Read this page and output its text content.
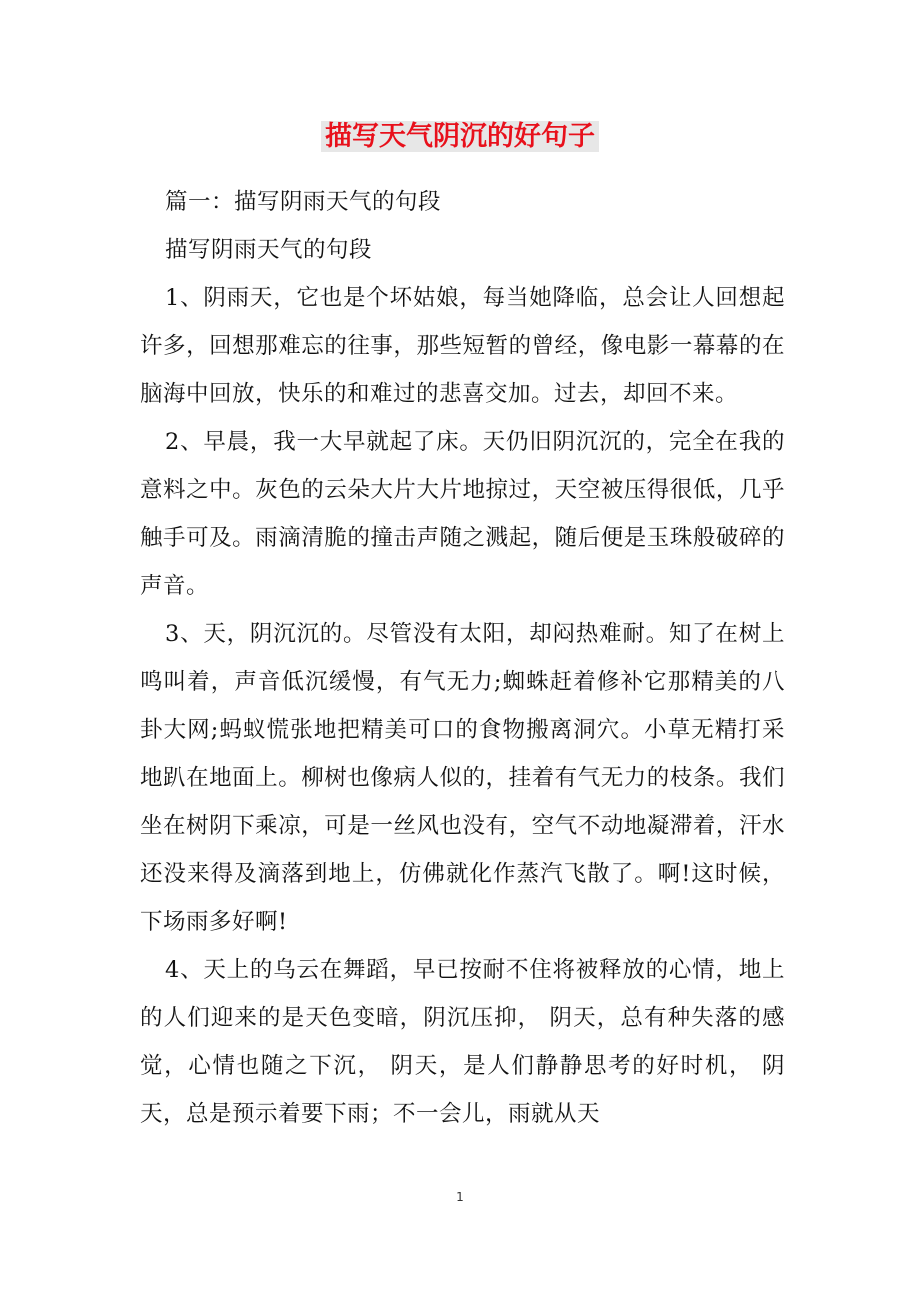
描写天气阴沉的好句子

篇一：描写阴雨天气的句段

描写阴雨天气的句段

1、阴雨天，它也是个坏姑娘，每当她降临，总会让人回想起许多，回想那难忘的往事，那些短暂的曾经，像电影一幕幕的在脑海中回放，快乐的和难过的悲喜交加。过去，却回不来。

2、早晨，我一大早就起了床。天仍旧阴沉沉的，完全在我的意料之中。灰色的云朵大片大片地掠过，天空被压得很低，几乎触手可及。雨滴清脆的撞击声随之溅起，随后便是玉珠般破碎的声音。

3、天，阴沉沉的。尽管没有太阳，却闷热难耐。知了在树上鸣叫着，声音低沉缓慢，有气无力;蜘蛛赶着修补它那精美的八卦大网;蚂蚁慌张地把精美可口的食物搬离洞穴。小草无精打采地趴在地面上。柳树也像病人似的，挂着有气无力的枝条。我们坐在树阴下乘凉，可是一丝风也没有，空气不动地凝滞着，汗水还没来得及滴落到地上，仿佛就化作蒸汽飞散了。啊!这时候，下场雨多好啊!

4、天上的乌云在舞蹈，早已按耐不住将被释放的心情，地上的人们迎来的是天色变暗，阴沉压抑， 阴天，总有种失落的感觉，心情也随之下沉， 阴天，是人们静静思考的好时机， 阴天，总是预示着要下雨；不一会儿，雨就从天

1
